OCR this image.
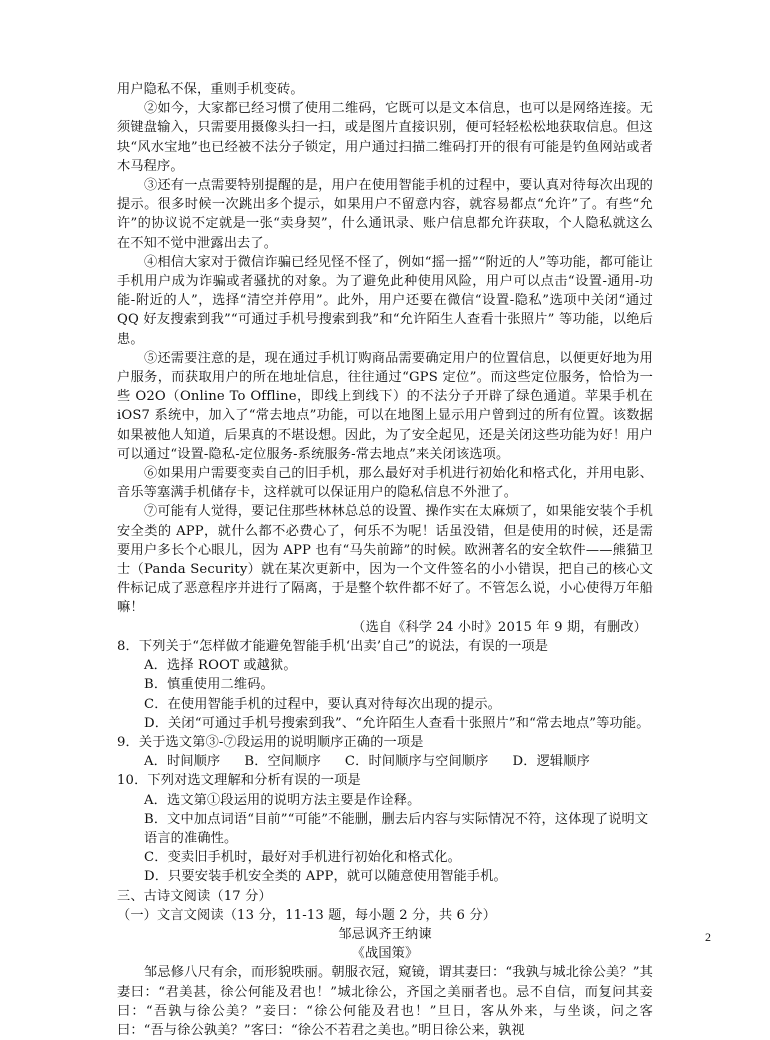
用户隐私不保，重则手机变砖。

②如今，大家都已经习惯了使用二维码，它既可以是文本信息，也可以是网络连接。无须键盘输入，只需要用摄像头扫一扫，或是图片直接识别，便可轻轻松松地获取信息。但这块“风水宝地”也已经被不法分子锁定，用户通过扫描二维码打开的很有可能是钓鱼网站或者木马程序。

③还有一点需要特别提醒的是，用户在使用智能手机的过程中，要认真对待每次出现的提示。很多时候一次跳出多个提示，如果用户不留意内容，就容易都点“允许”了。有些“允许”的协议说不定就是一张“卖身契”，什么通讯录、账户信息都允许获取，个人隐私就这么在不知不觉中泄露出去了。

④相信大家对于微信诈骗已经见怪不怪了，例如“摇一摇”“附近的人”等功能，都可能让手机用户成为诈骗或者骚扰的对象。为了避免此种使用风险，用户可以点击“设置-通用-功能-附近的人”，选择“清空并停用”。此外，用户还要在微信“设置-隐私”选项中关闭“通过 QQ 好友搜索到我”“可通过手机号搜索到我”和“允许陌生人查看十张照片” 等功能，以绝后患。

⑤还需要注意的是，现在通过手机订购商品需要确定用户的位置信息，以便更好地为用户服务，而获取用户的所在地址信息，往往通过“GPS 定位”。而这些定位服务，恰恰为一些 O2O（Online To Offline，即线上到线下）的不法分子开辟了绿色通道。苹果手机在 iOS7 系统中，加入了“常去地点”功能，可以在地图上显示用户曾到过的所有位置。该数据如果被他人知道，后果真的不堪设想。因此，为了安全起见，还是关闭这些功能为好！用户可以通过“设置-隐私-定位服务-系统服务-常去地点”来关闭该选项。

⑥如果用户需要变卖自己的旧手机，那么最好对手机进行初始化和格式化，并用电影、音乐等塞满手机储存卡，这样就可以保证用户的隐私信息不外泄了。

⑦可能有人觉得，要记住那些林林总总的设置、操作实在太麻烦了，如果能安装个手机安全类的 APP，就什么都不必费心了，何乐不为呢！话虽没错，但是使用的时候，还是需要用户多长个心眼儿，因为 APP 也有“马失前蹄”的时候。欧洲著名的安全软件——熊猫卫士（Panda Security）就在某次更新中，因为一个文件签名的小小错误，把自己的核心文件标记成了恶意程序并进行了隔离，于是整个软件都不好了。不管怎么说，小心使得万年船嘛！

（选自《科学 24 小时》2015 年 9 期，有删改）

8．下列关于“怎样做才能避免智能手机‘出卖’自己”的说法，有误的一项是

A．选择 ROOT 或越狱。

B．慎重使用二维码。

C．在使用智能手机的过程中，要认真对待每次出现的提示。

D．关闭“可通过手机号搜索到我”、“允许陌生人查看十张照片”和“常去地点”等功能。

9．关于选文第③-⑦段运用的说明顺序正确的一项是

A．时间顺序 B．空间顺序 C．时间顺序与空间顺序 D．逻辑顺序

10．下列对选文理解和分析有误的一项是

A．选文第①段运用的说明方法主要是作诠释。

B．文中加点词语“目前”“可能”不能删，删去后内容与实际情况不符，这体现了说明文语言的准确性。

C．变卖旧手机时，最好对手机进行初始化和格式化。

D．只要安装手机安全类的 APP，就可以随意使用智能手机。

三、古诗文阅读（17 分）

（一）文言文阅读（13 分，11-13 题，每小题 2 分，共 6 分）

邹忌讽齐王纳谏

《战国策》

邹忌修八尺有余，而形貌昳丽。朝服衣冠，窥镜，谓其妻曰：“我孰与城北徐公美？”其妻曰：“君美甚，徐公何能及君也！”城北徐公，齐国之美丽者也。忌不自信，而复问其妾曰：“吾孰与徐公美？”妾曰：“徐公何能及君也！”旦日，客从外来，与坐谈，问之客曰：“吾与徐公孰美？”客曰：“徐公不若君之美也。”明日徐公来，孰视

2
